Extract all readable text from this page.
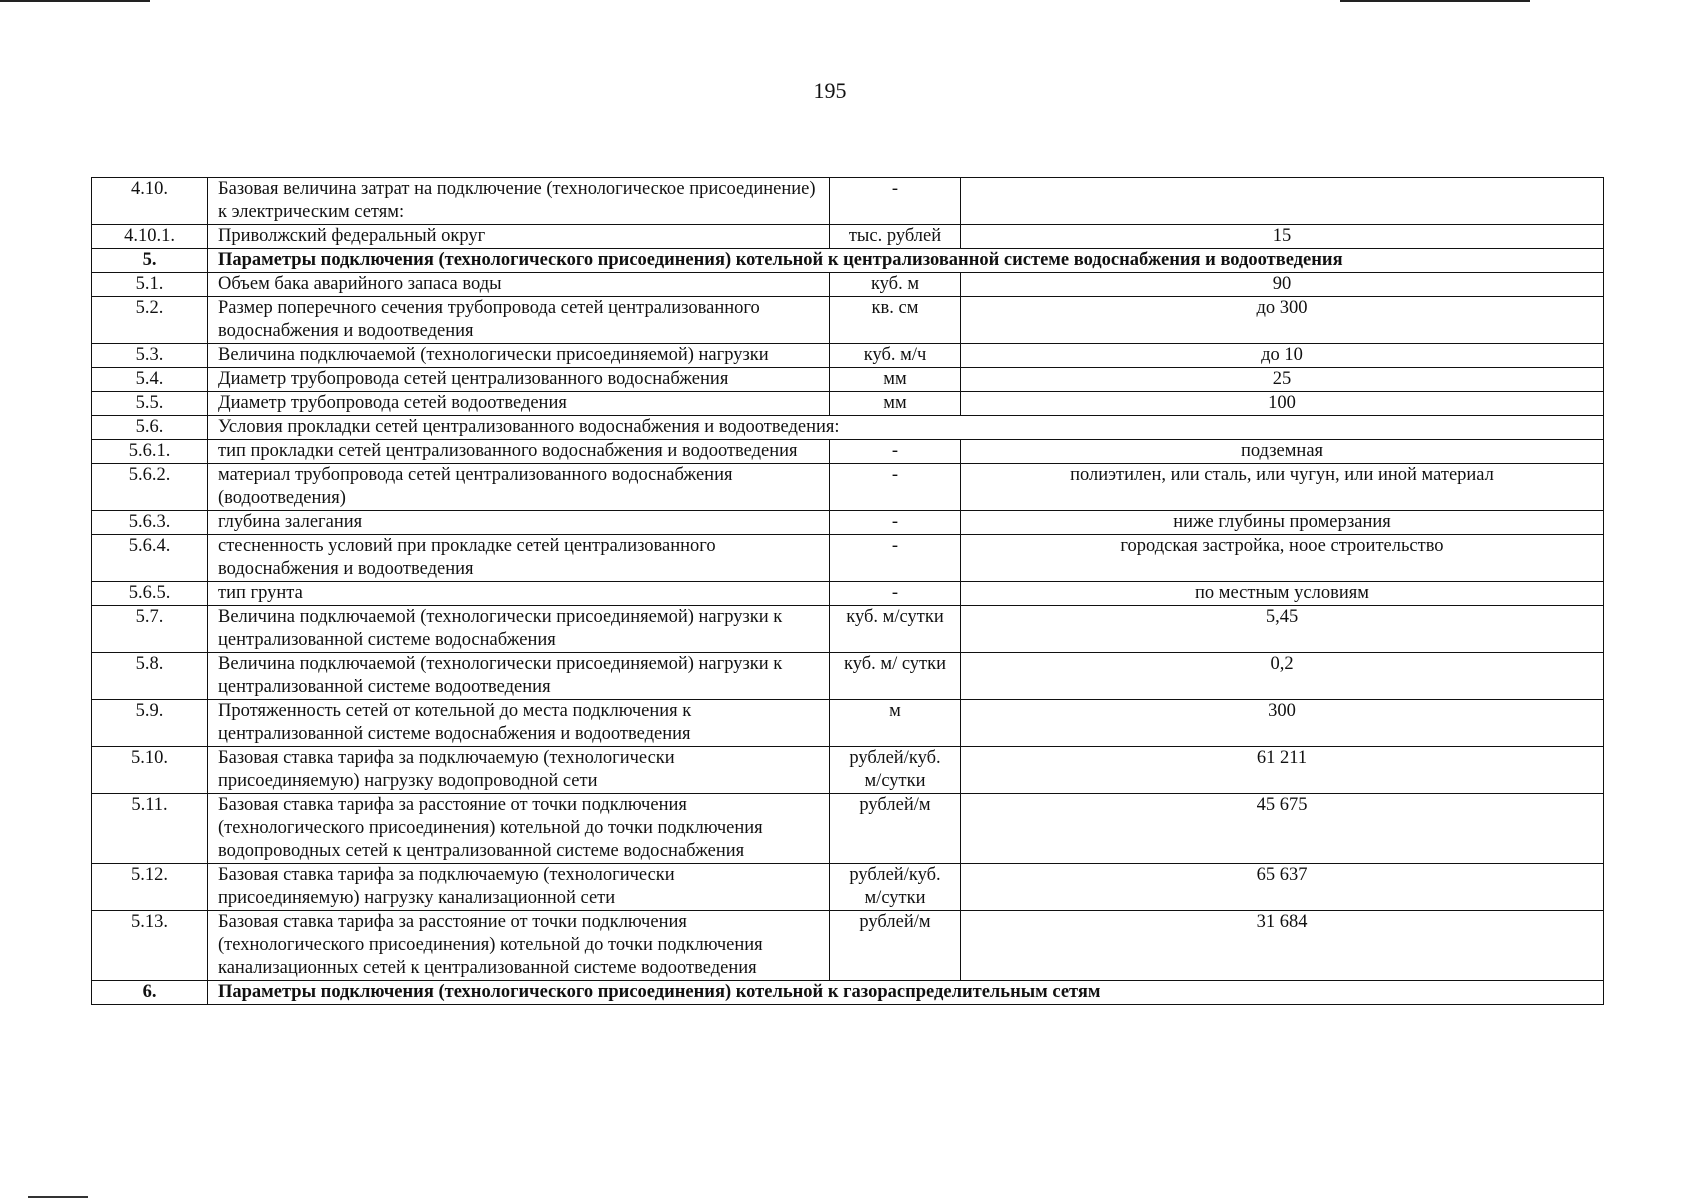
195
4.10.	Базовая величина затрат на подключение (технологическое присоединение) к электрическим сетям:	-	
4.10.1.	Приволжский федеральный округ	тыс. рублей	15
5.	Параметры подключения (технологического присоединения) котельной к централизованной системе водоснабжения и водоотведения		
5.1.	Объем бака аварийного запаса воды	куб. м	90
5.2.	Размер поперечного сечения трубопровода сетей централизованного водоснабжения и водоотведения	кв. см	до 300
5.3.	Величина подключаемой (технологически присоединяемой) нагрузки	куб. м/ч	до 10
5.4.	Диаметр трубопровода сетей централизованного водоснабжения	мм	25
5.5.	Диаметр трубопровода сетей водоотведения	мм	100
5.6.	Условия прокладки сетей централизованного водоснабжения и водоотведения:		
5.6.1.	тип прокладки сетей централизованного водоснабжения и водоотведения	-	подземная
5.6.2.	материал трубопровода сетей централизованного водоснабжения (водоотведения)	-	полиэтилен, или сталь, или чугун, или иной материал
5.6.3.	глубина залегания	-	ниже глубины промерзания
5.6.4.	стесненность условий при прокладке сетей централизованного водоснабжения и водоотведения	-	городская застройка, ноое строительство
5.6.5.	тип грунта	-	по местным условиям
5.7.	Величина подключаемой (технологически присоединяемой) нагрузки к централизованной системе водоснабжения	куб. м/сутки	5,45
5.8.	Величина подключаемой (технологически присоединяемой) нагрузки к централизованной системе водоотведения	куб. м/ сутки	0,2
5.9.	Протяженность сетей от котельной до места подключения к централизованной системе водоснабжения и водоотведения	м	300
5.10.	Базовая ставка тарифа за подключаемую (технологически присоединяемую) нагрузку водопроводной сети	рублей/куб. м/сутки	61 211
5.11.	Базовая ставка тарифа за расстояние от точки подключения (технологического присоединения) котельной до точки подключения водопроводных сетей к централизованной системе водоснабжения	рублей/м	45 675
5.12.	Базовая ставка тарифа за подключаемую (технологически присоединяемую) нагрузку канализационной сети	рублей/куб. м/сутки	65 637
5.13.	Базовая ставка тарифа за расстояние от точки подключения (технологического присоединения) котельной до точки подключения канализационных сетей к централизованной системе водоотведения	рублей/м	31 684
6.	Параметры подключения (технологического присоединения) котельной к газораспределительным сетям		
